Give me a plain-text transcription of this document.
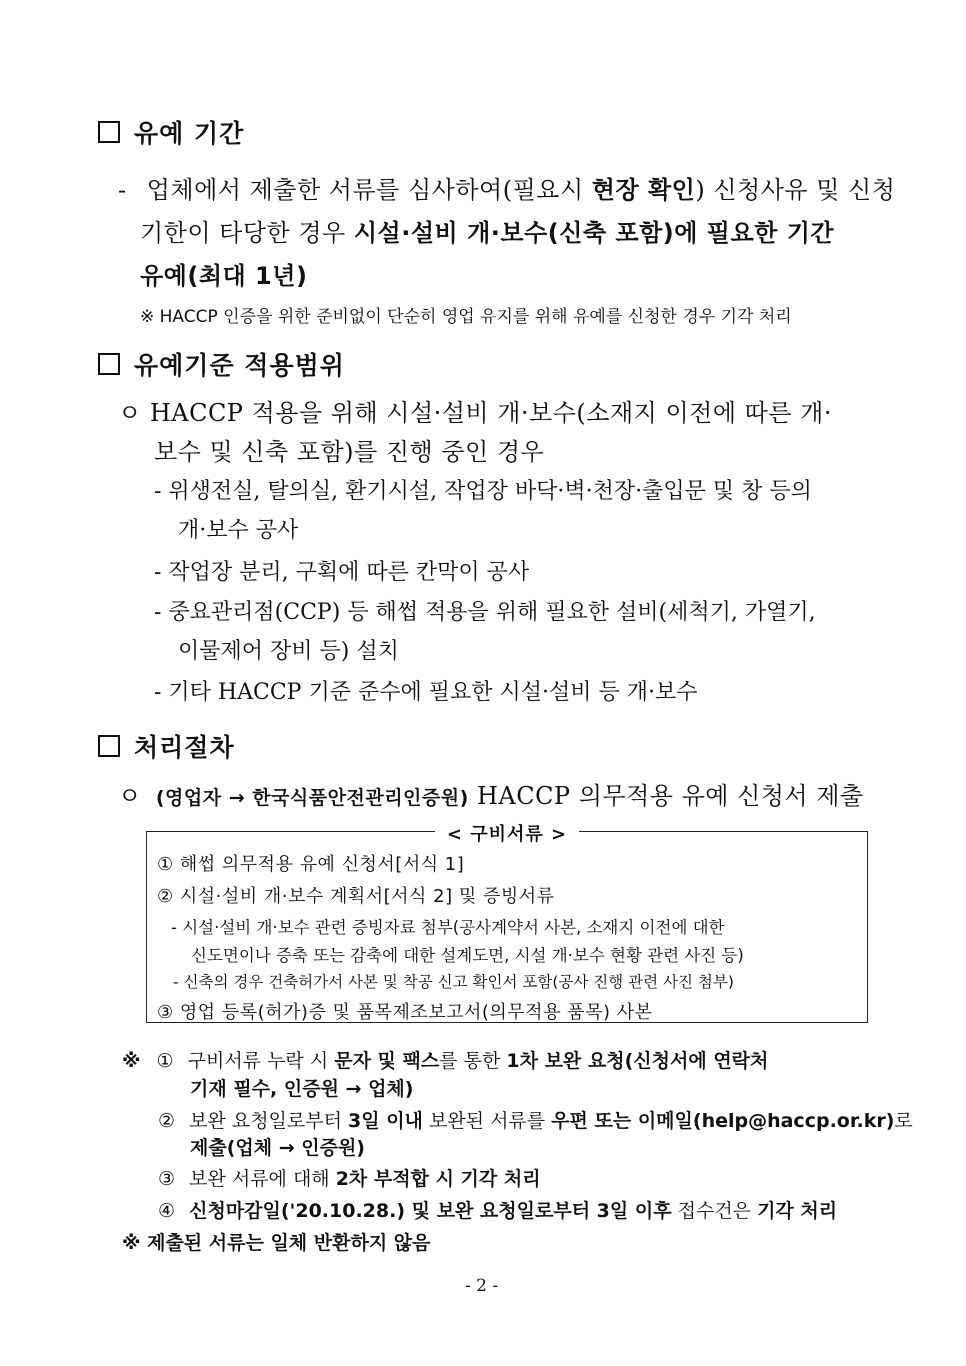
유예 기간
- 업체에서 제출한 서류를 심사하여(필요시 현장 확인) 신청사유 및 신청
기한이 타당한 경우 시설·설비 개·보수(신축 포함)에 필요한 기간
유예(최대 1년)
※ HACCP 인증을 위한 준비없이 단순히 영업 유지를 위해 유예를 신청한 경우 기각 처리
유예기준 적용범위
ㅇ HACCP 적용을 위해 시설·설비 개·보수(소재지 이전에 따른 개·
보수 및 신축 포함)를 진행 중인 경우
- 위생전실, 탈의실, 환기시설, 작업장 바닥·벽·천장·출입문 및 창 등의
개·보수 공사
- 작업장 분리, 구획에 따른 칸막이 공사
- 중요관리점(CCP) 등 해썹 적용을 위해 필요한 설비(세척기, 가열기,
이물제어 장비 등) 설치
- 기타 HACCP 기준 준수에 필요한 시설·설비 등 개·보수
처리절차
ㅇ (영업자 → 한국식품안전관리인증원) HACCP 의무적용 유예 신청서 제출
< 구비서류 >
① 해썹 의무적용 유예 신청서[서식 1]
② 시설·설비 개·보수 계획서[서식 2] 및 증빙서류
- 시설·설비 개·보수 관련 증빙자료 첨부(공사계약서 사본, 소재지 이전에 대한
신도면이나 증축 또는 감축에 대한 설계도면, 시설 개·보수 현황 관련 사진 등)
- 신축의 경우 건축허가서 사본 및 착공 신고 확인서 포함(공사 진행 관련 사진 첨부)
③ 영업 등록(허가)증 및 품목제조보고서(의무적용 품목) 사본
※ ① 구비서류 누락 시 문자 및 팩스를 통한 1차 보완 요청(신청서에 연락처
기재 필수, 인증원 → 업체)
② 보완 요청일로부터 3일 이내 보완된 서류를 우편 또는 이메일(help@haccp.or.kr)로
제출(업체 → 인증원)
③ 보완 서류에 대해 2차 부적합 시 기각 처리
④ 신청마감일('20.10.28.) 및 보완 요청일로부터 3일 이후 접수건은 기각 처리
※ 제출된 서류는 일체 반환하지 않음
- 2 -
